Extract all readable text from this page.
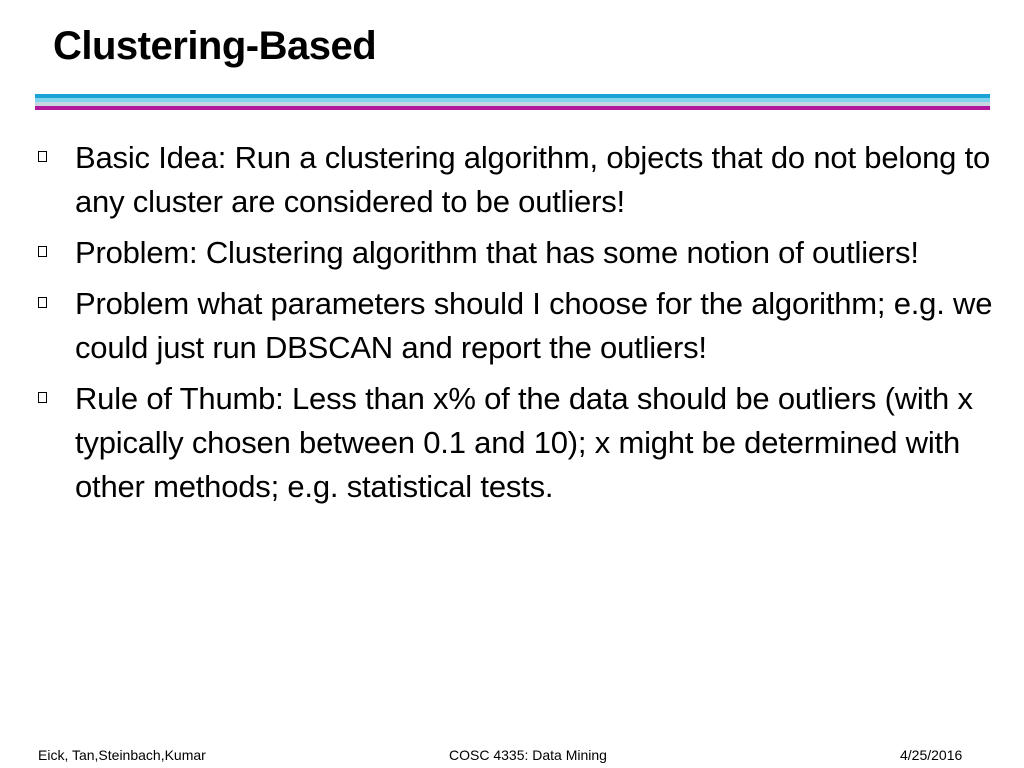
Clustering-Based
Basic Idea: Run a clustering algorithm, objects that do not belong to any cluster are considered to be outliers!
Problem: Clustering algorithm that has some notion of outliers!
Problem what parameters should I choose for the algorithm; e.g. we could just run DBSCAN and report the outliers!
Rule of Thumb: Less than x% of the data should be outliers (with x typically chosen between 0.1 and 10); x might be determined with other methods; e.g. statistical tests.
Eick, Tan,Steinbach,Kumar	COSC 4335: Data Mining	4/25/2016
